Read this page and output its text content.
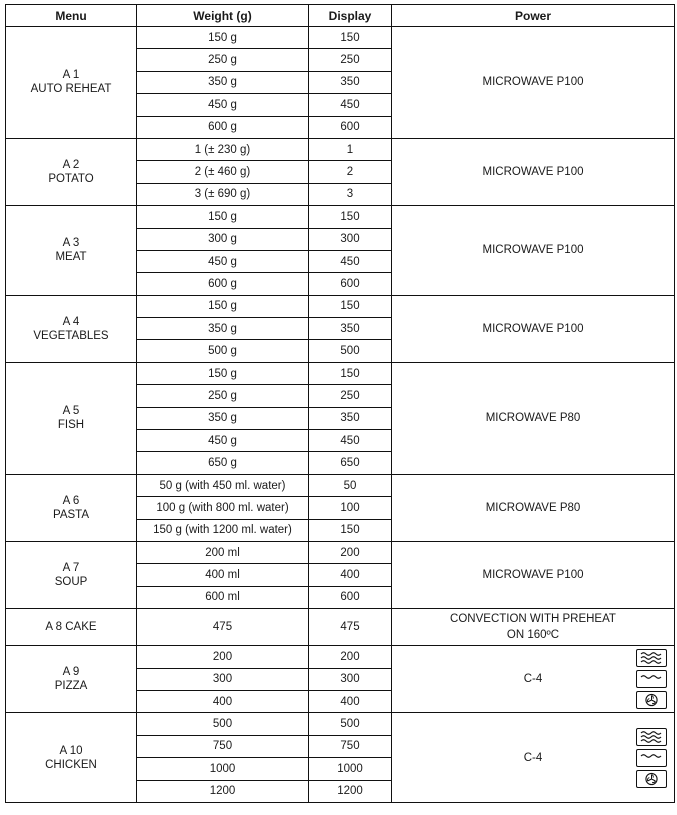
Menu	Weight (g)	Display	Power

A 1
AUTO REHEAT	150 g	150	MICROWAVE P100

	250 g	250	
	350 g	350	
	450 g	450	
	600 g	600	

A 2
POTATO	1 (± 230 g)	1	MICROWAVE P100

	2 (± 460 g)	2	
	3 (± 690 g)	3	

A 3
MEAT	150 g	150	MICROWAVE P100

	300 g	300	
	450 g	450	
	600 g	600	

A 4
VEGETABLES	150 g	150	MICROWAVE P100

	350 g	350	
	500 g	500	

A 5
FISH	150 g	150	MICROWAVE P80

	250 g	250	
	350 g	350	
	450 g	450	
	650 g	650	

A 6
PASTA	50 g (with 450 ml. water)	50	MICROWAVE P80

	100 g (with 800 ml. water)	100	
	150 g (with 1200 ml. water)	150	

A 7
SOUP	200 ml	200	MICROWAVE P100

	400 ml	400	
	600 ml	600	

A 8 CAKE	475	475	CONVECTION WITH PREHEAT
ON 160ºC

A 9
PIZZA	200	200	C-4

	300	300	
	400	400	

A 10
CHICKEN	500	500	C-4

	750	750	
	1000	1000	
	1200	1200	
